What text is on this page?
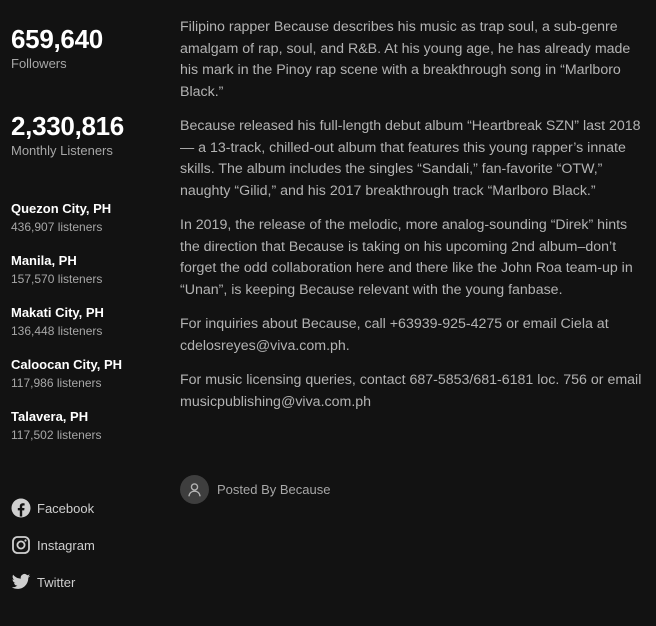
659,640
Followers
2,330,816
Monthly Listeners
Quezon City, PH
436,907 listeners
Manila, PH
157,570 listeners
Makati City, PH
136,448 listeners
Caloocan City, PH
117,986 listeners
Talavera, PH
117,502 listeners
Facebook
Instagram
Twitter

Filipino rapper Because describes his music as trap soul, a sub-genre amalgam of rap, soul, and R&B. At his young age, he has already made his mark in the Pinoy rap scene with a breakthrough song in “Marlboro Black.”

Because released his full-length debut album “Heartbreak SZN” last 2018 — a 13-track, chilled-out album that features this young rapper’s innate skills. The album includes the singles “Sandali,” fan-favorite “OTW,” naughty “Gilid,” and his 2017 breakthrough track “Marlboro Black.”

In 2019, the release of the melodic, more analog-sounding “Direk” hints the direction that Because is taking on his upcoming 2nd album–don’t forget the odd collaboration here and there like the John Roa team-up in “Unan”, is keeping Because relevant with the young fanbase.

For inquiries about Because, call +63939-925-4275 or email Ciela at cdelosreyes@viva.com.ph.

For music licensing queries, contact 687-5853/681-6181 loc. 756 or email musicpublishing@viva.com.ph

Posted By Because
